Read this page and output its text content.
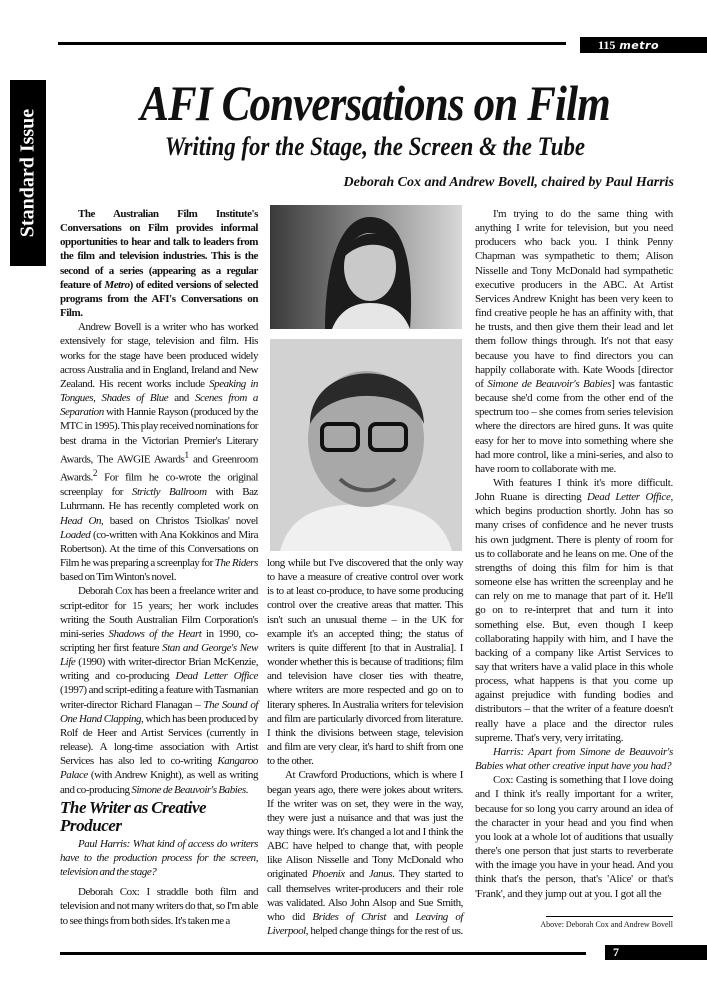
115 metro
Standard Issue
AFI Conversations on Film
Writing for the Stage, the Screen & the Tube
Deborah Cox and Andrew Bovell, chaired by Paul Harris

The Australian Film Institute's Conversations on Film provides informal opportunities to hear and talk to leaders from the film and television industries. This is the second of a series (appearing as a regular feature of Metro) of edited versions of selected programs from the AFI's Conversations on Film.

Andrew Bovell is a writer who has worked extensively for stage, television and film. His works for the stage have been produced widely across Australia and in England, Ireland and New Zealand. His recent works include Speaking in Tongues, Shades of Blue and Scenes from a Separation with Hannie Rayson (produced by the MTC in 1995). This play received nominations for best drama in the Victorian Premier's Literary Awards, The AWGIE Awards$^1$ and Greenroom Awards.$^2$ For film he co-wrote the original screenplay for Strictly Ballroom with Baz Luhrmann. He has recently completed work on Head On, based on Christos Tsiolkas' novel Loaded (co-written with Ana Kokkinos and Mira Robertson). At the time of this Conversations on Film he was preparing a screenplay for The Riders based on Tim Winton's novel.

Deborah Cox has been a freelance writer and script-editor for 15 years; her work includes writing the South Australian Film Corporation's mini-series Shadows of the Heart in 1990, co-scripting her first feature Stan and George's New Life (1990) with writer-director Brian McKenzie, writing and co-producing Dead Letter Office (1997) and script-editing a feature with Tasmanian writer-director Richard Flanagan – The Sound of One Hand Clapping, which has been produced by Rolf de Heer and Artist Services (currently in release). A long-time association with Artist Services has also led to co-writing Kangaroo Palace (with Andrew Knight), as well as writing and co-producing Simone de Beauvoir's Babies.

The Writer as Creative Producer

Paul Harris: What kind of access do writers have to the production process for the screen, television and the stage?

Deborah Cox: I straddle both film and television and not many writers do that, so I'm able to see things from both sides. It's taken me a

long while but I've discovered that the only way to have a measure of creative control over work is to at least co-produce, to have some producing control over the creative areas that matter. This isn't such an unusual theme – in the UK for example it's an accepted thing; the status of writers is quite different [to that in Australia]. I wonder whether this is because of traditions; film and television have closer ties with theatre, where writers are more respected and go on to literary spheres. In Australia writers for television and film are particularly divorced from literature. I think the divisions between stage, television and film are very clear, it's hard to shift from one to the other.

At Crawford Productions, which is where I began years ago, there were jokes about writers. If the writer was on set, they were in the way, they were just a nuisance and that was just the way things were. It's changed a lot and I think the ABC have helped to change that, with people like Alison Nisselle and Tony McDonald who originated Phoenix and Janus. They started to call themselves writer-producers and their role was validated. Also John Alsop and Sue Smith, who did Brides of Christ and Leaving of Liverpool, helped change things for the rest of us.

I'm trying to do the same thing with anything I write for television, but you need producers who back you. I think Penny Chapman was sympathetic to them; Alison Nisselle and Tony McDonald had sympathetic executive producers in the ABC. At Artist Services Andrew Knight has been very keen to find creative people he has an affinity with, that he trusts, and then give them their lead and let them follow things through. It's not that easy because you have to find directors you can happily collaborate with. Kate Woods [director of Simone de Beauvoir's Babies] was fantastic because she'd come from the other end of the spectrum too – she comes from series television where the directors are hired guns. It was quite easy for her to move into something where she had more control, like a mini-series, and also to have room to collaborate with me.

With features I think it's more difficult. John Ruane is directing Dead Letter Office, which begins production shortly. John has so many crises of confidence and he never trusts his own judgment. There is plenty of room for us to collaborate and he leans on me. One of the strengths of doing this film for him is that someone else has written the screenplay and he can rely on me to manage that part of it. He'll go on to re-interpret that and turn it into something else. But, even though I keep collaborating happily with him, and I have the backing of a company like Artist Services to say that writers have a valid place in this whole process, what happens is that you come up against prejudice with funding bodies and distributors – that the writer of a feature doesn't really have a place and the director rules supreme. That's very, very irritating.

Harris: Apart from Simone de Beauvoir's Babies what other creative input have you had?

Cox: Casting is something that I love doing and I think it's really important for a writer, because for so long you carry around an idea of the character in your head and you find when you look at a whole lot of auditions that usually there's one person that just starts to reverberate with the image you have in your head. And you think that's the person, that's 'Alice' or that's 'Frank', and they jump out at you. I got all the

Above: Deborah Cox and Andrew Bovell
7
